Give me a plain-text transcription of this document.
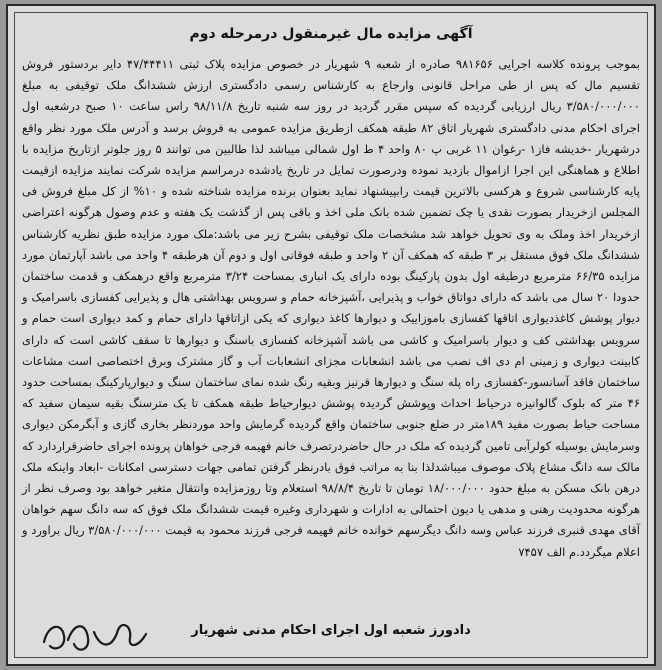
آگهی مزایده مال غیرمنقول درمرحله دوم

بموجب پرونده کلاسه اجرایی ۹۸۱۶۵۶ صادره از شعبه ۹ شهریار در خصوص مزایده پلاک ثبتی ۴۷/۴۴۴۱۱ دایر بردستور فروش تقسیم مال که پس از طی مراحل قانونی وارجاع به کارشناس رسمی دادگستری ارزش ششدانگ ملک توقیفی به مبلغ ۳/۵۸۰/۰۰۰/۰۰۰ ریال ارزیابی گردیده که سپس مقرر گردید در روز سه شنبه تاریخ ۹۸/۱۱/۸ راس ساعت ۱۰ صبح درشعبه اول اجرای احکام مدنی دادگستری شهریار اتاق ۸۲ طبقه همکف ازطریق مزایده عمومی به فروش برسد و آدرس ملک مورد نظر واقع درشهریار -خدیشه فاز۱ -رغوان ۱۱ غربی پ ۸۰ واحد ۴ ط اول شمالی میباشد لذا طالبین می توانند ۵ روز جلوتر ازتاریخ مزایده با اطلاع و هماهنگی این اجرا ازاموال بازدید نموده ودرصورت تمایل در تاریخ یادشده درمراسم مزایده شرکت نمایند مزایده ازقیمت پایه کارشناسی شروع و هرکسی بالاترین قیمت رابپیشنهاد نماید بعنوان برنده مزایده شناخته شده و ۱۰% از کل مبلغ فروش فی المجلس ازخریدار بصورت نقدی یا چک تضمین شده بانک ملی اخذ و باقی پس از گذشت یک هفته و عدم وصول هرگونه اعتراضی ازخریدار اخذ وملک به وی تحویل خواهد شد مشخصات ملک توقیفی بشرح زیر می باشد:ملک مورد مزایده طبق نظریه کارشناس ششدانگ ملک فوق مستقل بر ۳ طبقه که همکف آن ۲ واحد و طبقه فوقانی اول و دوم آن هرطبقه ۴ واحد می باشد آپارتمان مورد مزایده ۶۶/۳۵ مترمربع درطبقه اول بدون پارکینگ بوده دارای یک انباری بمساحت ۳/۲۴ مترمربع واقع درهمکف و قدمت ساختمان حدودا ۲۰ سال می باشد که دارای دواتاق خواب و پذیرایی ،آشپزخانه حمام و سرویس بهداشتی هال و پذیرایی کفسازی باسرامیک و دیوار پوشش کاغذدیواری اتاقها کفسازی باموزاییک و دیوارها کاغذ دیواری که یکی ازاتاقها دارای حمام و کمد دیواری است حمام و سرویس بهداشتی کف و دیوار باسرامیک و کاشی می باشد آشپزخانه کفسازی باسنگ و دیوارها تا سقف کاشی است که دارای کابینت دیواری و زمینی ام دی اف نصب می باشد انشعابات مجزای انشعابات آب و گاز مشترک وبرق اختصاصی است مشاعات ساختمان فاقد آسانسور-کفسازی راه پله سنگ و دیوارها قرنیز وبقیه رنگ شده نمای ساختمان سنگ و دیوارپارکینگ بمساحت حدود ۴۶ متر که بلوک گالوانیزه درحیاط احداث وپوشش گردیده پوشش دیوارحیاط طبقه همکف تا یک مترسنگ بقیه سیمان سفید که مساحت حیاط بصورت مفید ۱۸۹متر در ضلع جنوبی ساختمان واقع گردیده گرمایش واحد موردنظر بخاری گازی و آبگرمکن دیواری وسرمایش بوسیله کولرآبی تامین گردیده که ملک در حال حاضردرتصرف خانم فهیمه فرجی خواهان پرونده اجرای حاضرقراردارد که مالک سه دانگ مشاع پلاک موصوف میباشدلذا بنا به مراتب فوق بادرنظر گرفتن تمامی جهات دسترسی امکانات -ابعاد واینکه ملک درهن بانک مسکن به مبلغ حدود ۱۸/۰۰۰/۰۰۰ تومان تا تاریخ ۹۸/۸/۴ استعلام وتا روزمزایده وانتقال متغیر خواهد بود وصرف نظر از هرگونه محدودیت رهنی و مدهی یا دیون احتمالی به ادارات و شهرداری وغیره قیمت ششدانگ ملک فوق که سه دانگ سهم خواهان آقای مهدی قنبری فرزند عباس وسه دانگ دیگرسهم خوانده خانم فهیمه فرجی فرزند محمود به قیمت ۳/۵۸۰/۰۰۰/۰۰۰ ریال براورد و اعلام میگردد.م الف ۷۴۵۷

دادورز شعبه اول اجرای احکام مدنی شهریار
